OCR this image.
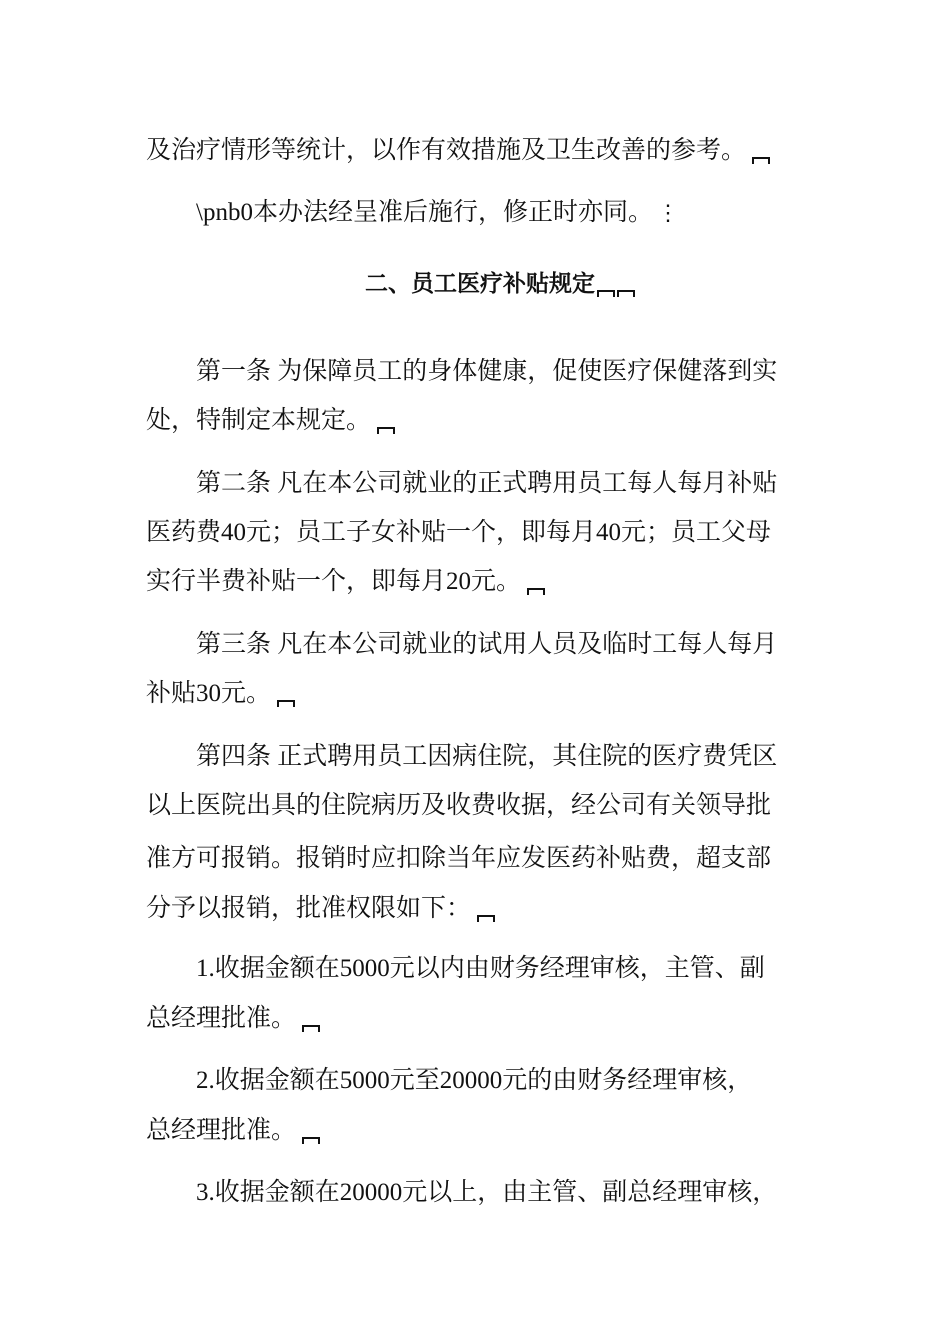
及治疗情形等统计，以作有效措施及卫生改善的参考。
\pnb0本办法经呈准后施行，修正时亦同。 ⋮
二、员工医疗补贴规定
第一条 为保障员工的身体健康，促使医疗保健落到实
处，特制定本规定。
第二条 凡在本公司就业的正式聘用员工每人每月补贴
医药费40元；员工子女补贴一个，即每月40元；员工父母
实行半费补贴一个，即每月20元。
第三条 凡在本公司就业的试用人员及临时工每人每月
补贴30元。
第四条 正式聘用员工因病住院，其住院的医疗费凭区
以上医院出具的住院病历及收费收据，经公司有关领导批
准方可报销。报销时应扣除当年应发医药补贴费，超支部
分予以报销，批准权限如下：
1.收据金额在5000元以内由财务经理审核，主管、副
总经理批准。
2.收据金额在5000元至20000元的由财务经理审核，
总经理批准。
3.收据金额在20000元以上，由主管、副总经理审核，
